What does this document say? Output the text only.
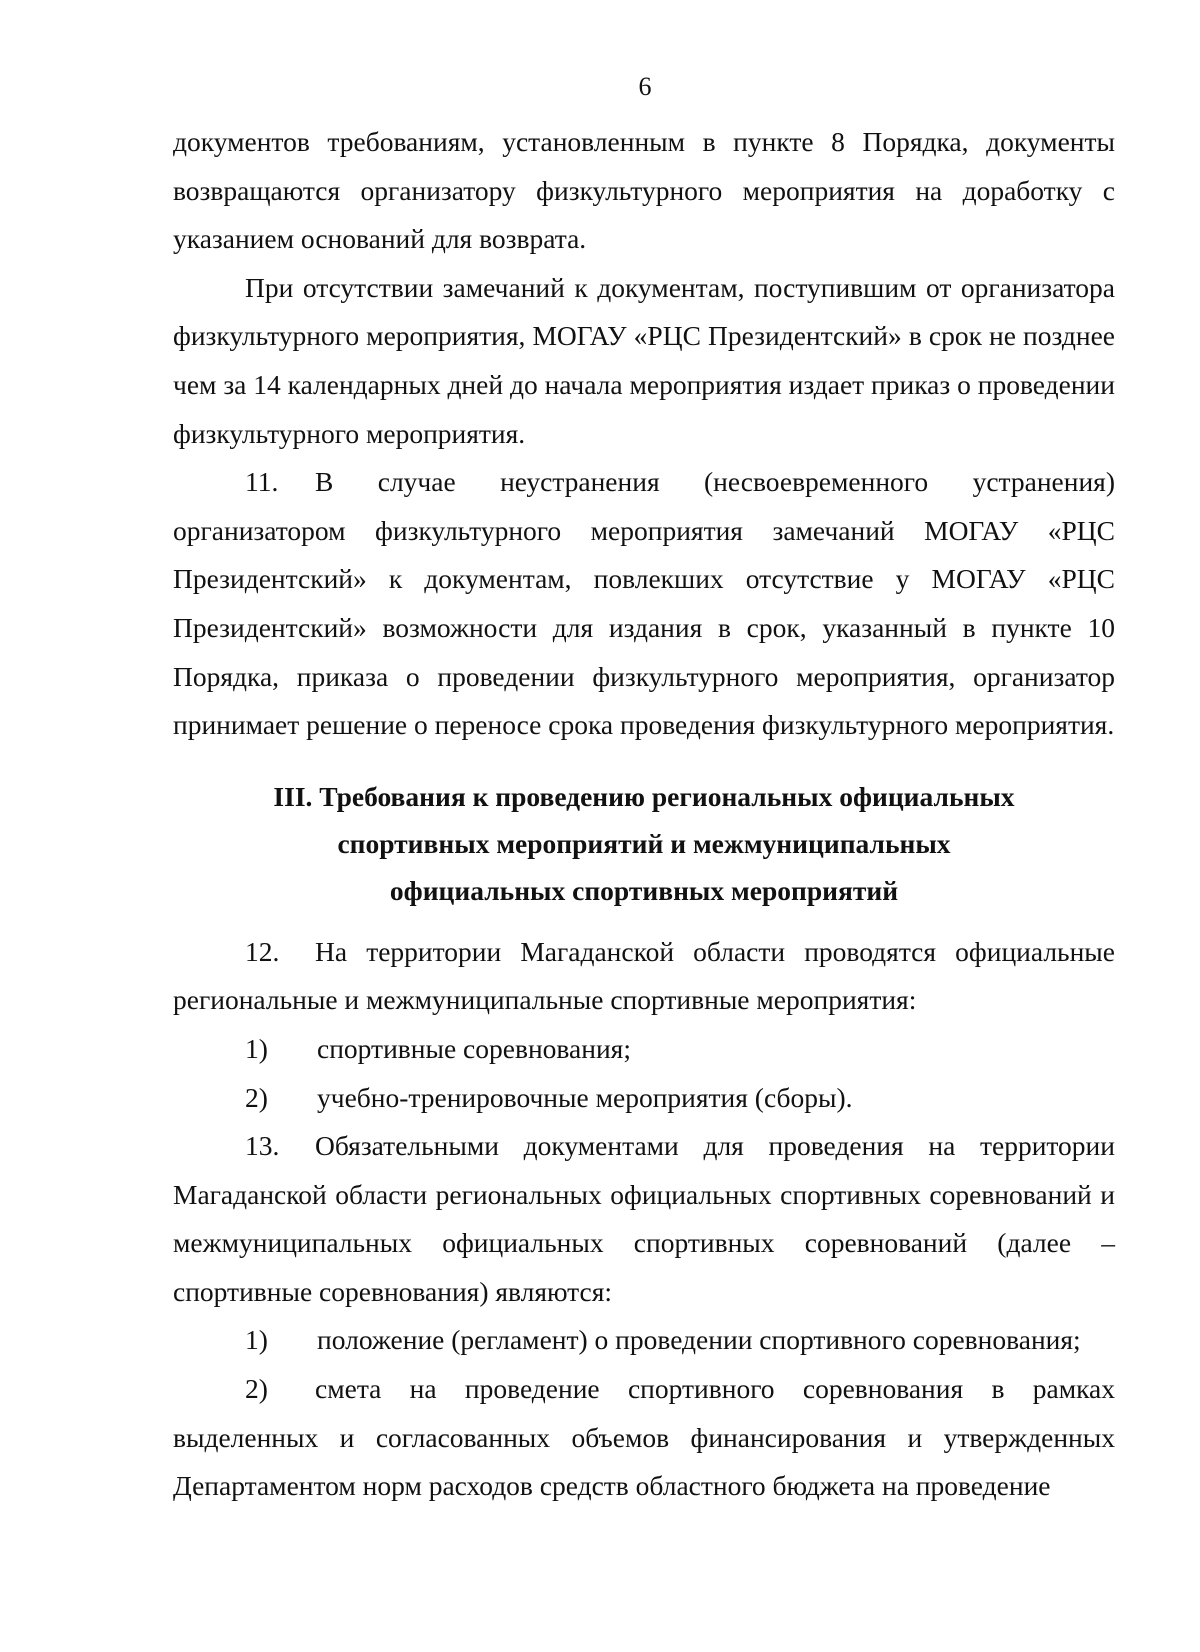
6

документов требованиям, установленным в пункте 8 Порядка, документы возвращаются организатору физкультурного мероприятия на доработку с указанием оснований для возврата.

При отсутствии замечаний к документам, поступившим от организатора физкультурного мероприятия, МОГАУ «РЦС Президентский» в срок не позднее чем за 14 календарных дней до начала мероприятия издает приказ о проведении физкультурного мероприятия.

11. В случае неустранения (несвоевременного устранения) организатором физкультурного мероприятия замечаний МОГАУ «РЦС Президентский» к документам, повлекших отсутствие у МОГАУ «РЦС Президентский» возможности для издания в срок, указанный в пункте 10 Порядка, приказа о проведении физкультурного мероприятия, организатор принимает решение о переносе срока проведения физкультурного мероприятия.

III. Требования к проведению региональных официальных
спортивных мероприятий и межмуниципальных
официальных спортивных мероприятий

12. На территории Магаданской области проводятся официальные региональные и межмуниципальные спортивные мероприятия:

1)	спортивные соревнования;
2)	учебно-тренировочные мероприятия (сборы).

13. Обязательными документами для проведения на территории Магаданской области региональных официальных спортивных соревнований и межмуниципальных официальных спортивных соревнований (далее – спортивные соревнования) являются:

1)	положение (регламент) о проведении спортивного соревнования;

2) смета на проведение спортивного соревнования в рамках выделенных и согласованных объемов финансирования и утвержденных Департаментом норм расходов средств областного бюджета на проведение
